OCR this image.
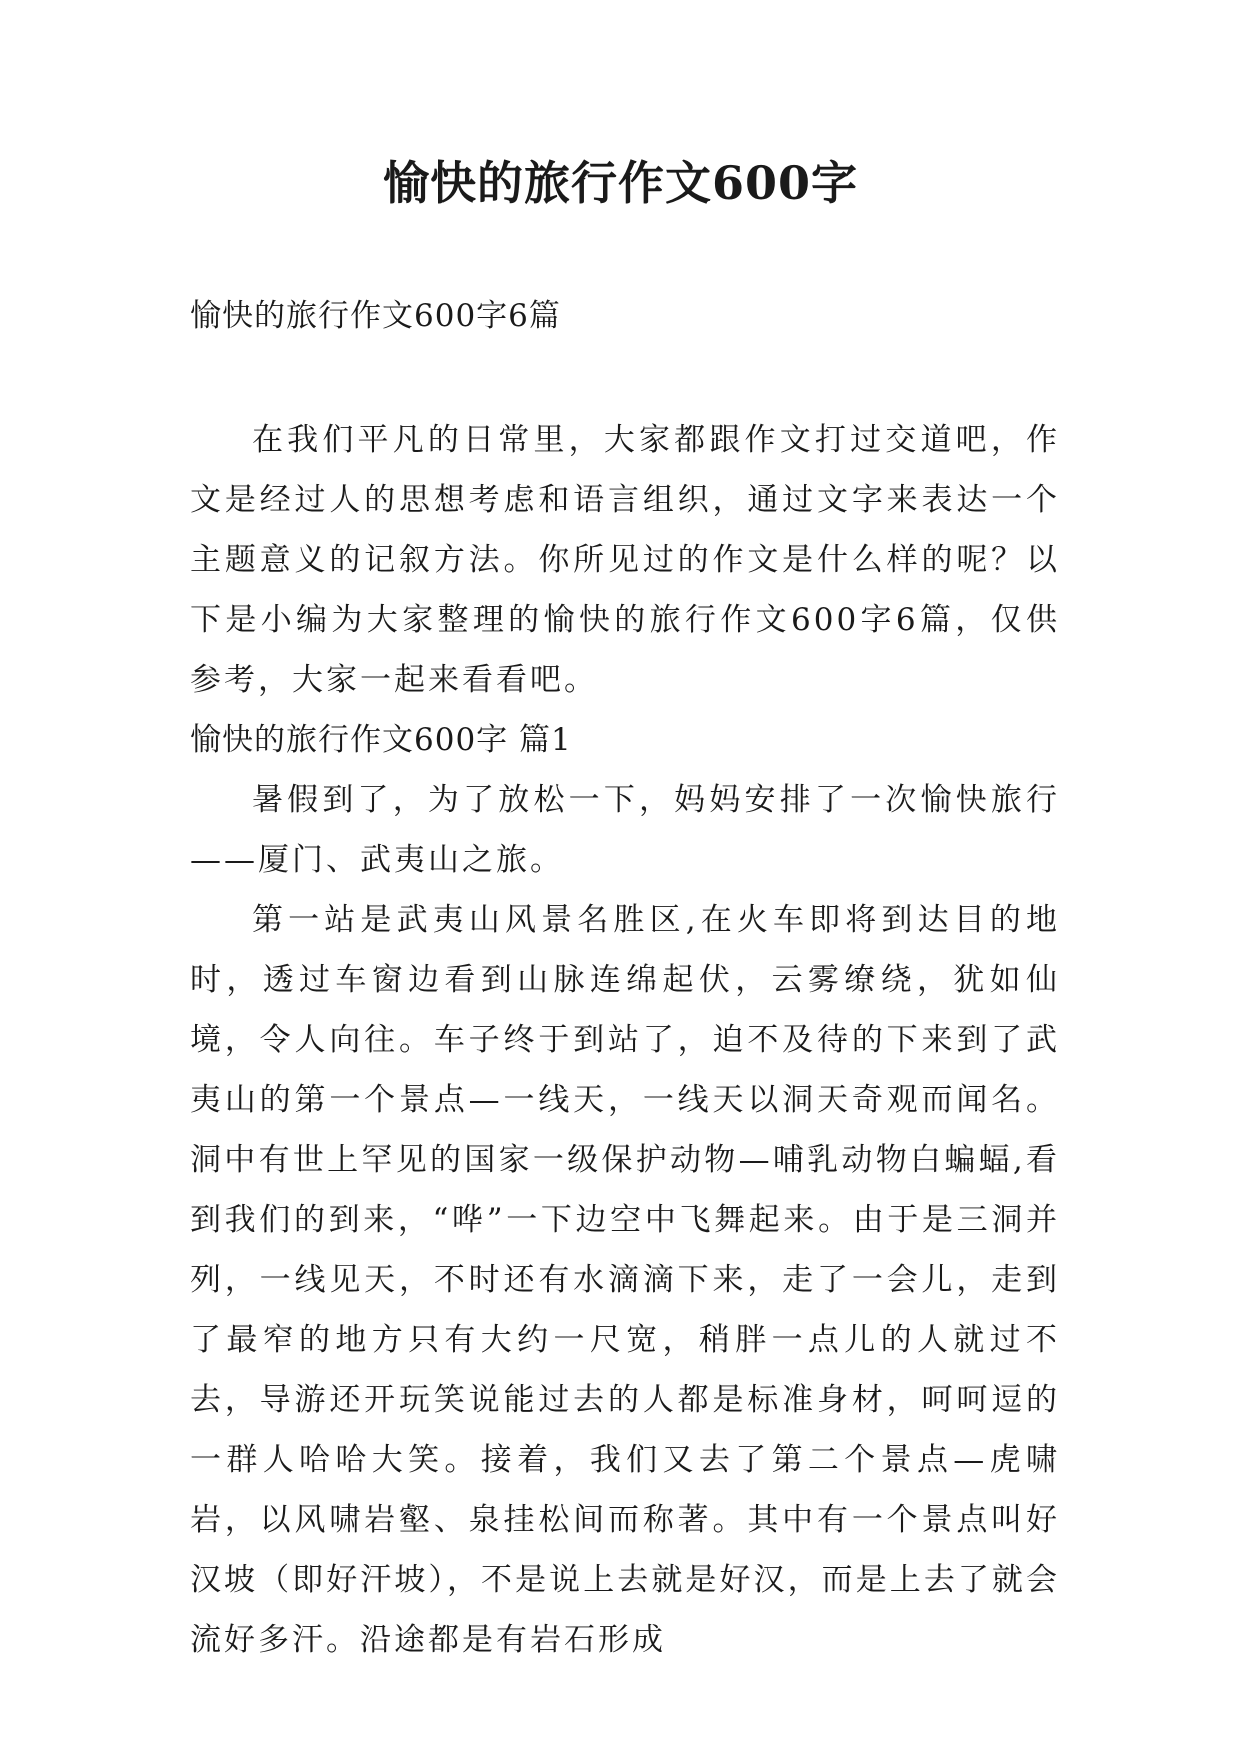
愉快的旅行作文600字

愉快的旅行作文600字6篇

在我们平凡的日常里，大家都跟作文打过交道吧，作文是经过人的思想考虑和语言组织，通过文字来表达一个主题意义的记叙方法。你所见过的作文是什么样的呢？以下是小编为大家整理的愉快的旅行作文600字6篇，仅供参考，大家一起来看看吧。

愉快的旅行作文600字 篇1

暑假到了，为了放松一下，妈妈安排了一次愉快旅行——厦门、武夷山之旅。

第一站是武夷山风景名胜区,在火车即将到达目的地时，透过车窗边看到山脉连绵起伏，云雾缭绕，犹如仙境，令人向往。车子终于到站了，迫不及待的下来到了武夷山的第一个景点—一线天，一线天以洞天奇观而闻名。洞中有世上罕见的国家一级保护动物—哺乳动物白蝙蝠,看到我们的到来，“哗”一下边空中飞舞起来。由于是三洞并列，一线见天，不时还有水滴滴下来，走了一会儿，走到了最窄的地方只有大约一尺宽，稍胖一点儿的人就过不去，导游还开玩笑说能过去的人都是标准身材，呵呵逗的一群人哈哈大笑。接着，我们又去了第二个景点—虎啸岩，以风啸岩壑、泉挂松间而称著。其中有一个景点叫好汉坡（即好汗坡），不是说上去就是好汉，而是上去了就会流好多汗。沿途都是有岩石形成
